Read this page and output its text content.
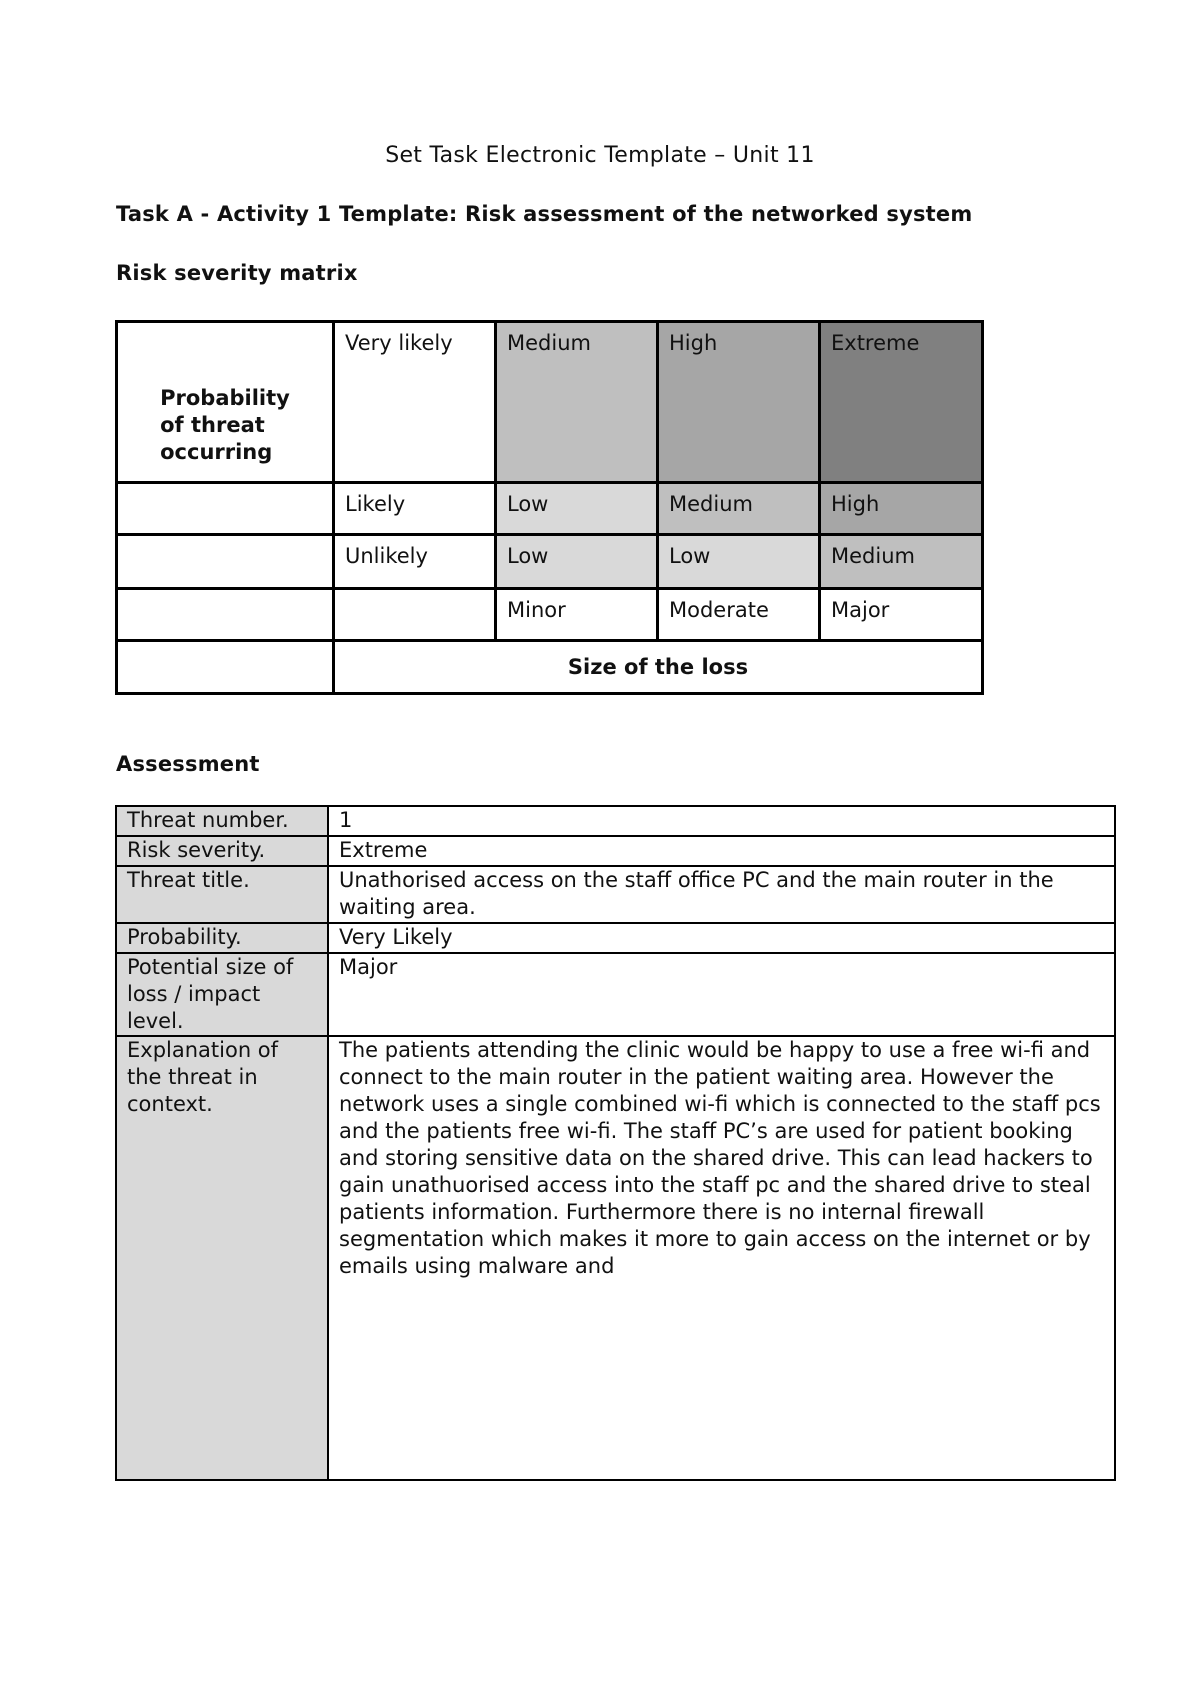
Set Task Electronic Template – Unit 11
Task A - Activity 1 Template: Risk assessment of the networked system
Risk severity matrix
Probability
of threat
occurring	Very likely	Medium	High	Extreme
	Likely	Low	Medium	High
	Unlikely	Low	Low	Medium
		Minor	Moderate	Major
	Size of the loss			
Assessment
Threat number.	1
Risk severity.	Extreme
Threat title.	Unathorised access on the staff office PC and the main router in the waiting area.
Probability.	Very Likely
Potential size of loss / impact level.	Major
Explanation of the threat in context.	The patients attending the clinic would be happy to use a free wi-fi and connect to the main router in the patient waiting area. However the network uses a single combined wi-fi which is connected to the staff pcs and the patients free wi-fi. The staff PC’s are used for patient booking and storing sensitive data on the shared drive. This can lead hackers to gain unathuorised access into the staff pc and the shared drive to steal patients information. Furthermore there is no internal firewall segmentation which makes it more to gain access on the internet or by emails using malware and
